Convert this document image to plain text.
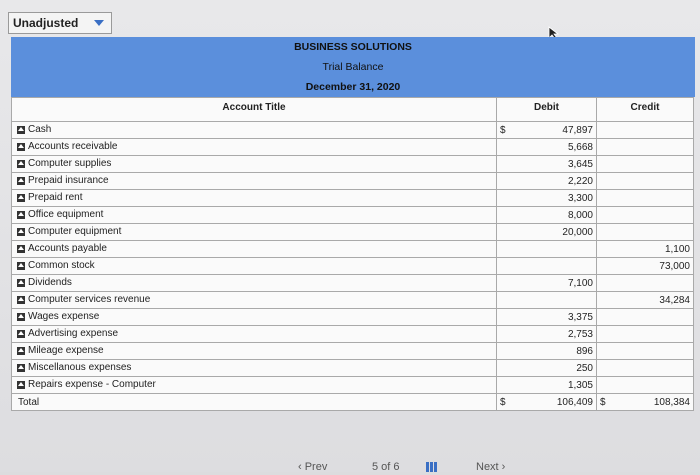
Unadjusted
BUSINESS SOLUTIONS
Trial Balance
December 31, 2020
Account Title	Debit		Credit	
Cash	$	47,897		
Accounts receivable		5,668		
Computer supplies		3,645		
Prepaid insurance		2,220		
Prepaid rent		3,300		
Office equipment		8,000		
Computer equipment		20,000		
Accounts payable				1,100
Common stock				73,000
Dividends		7,100		
Computer services revenue				34,284
Wages expense		3,375		
Advertising expense		2,753		
Mileage expense		896		
Miscellanous expenses		250		
Repairs expense - Computer		1,305		
Total	$	106,409	$	108,384
‹ Prev	5 of 6	Next ›
